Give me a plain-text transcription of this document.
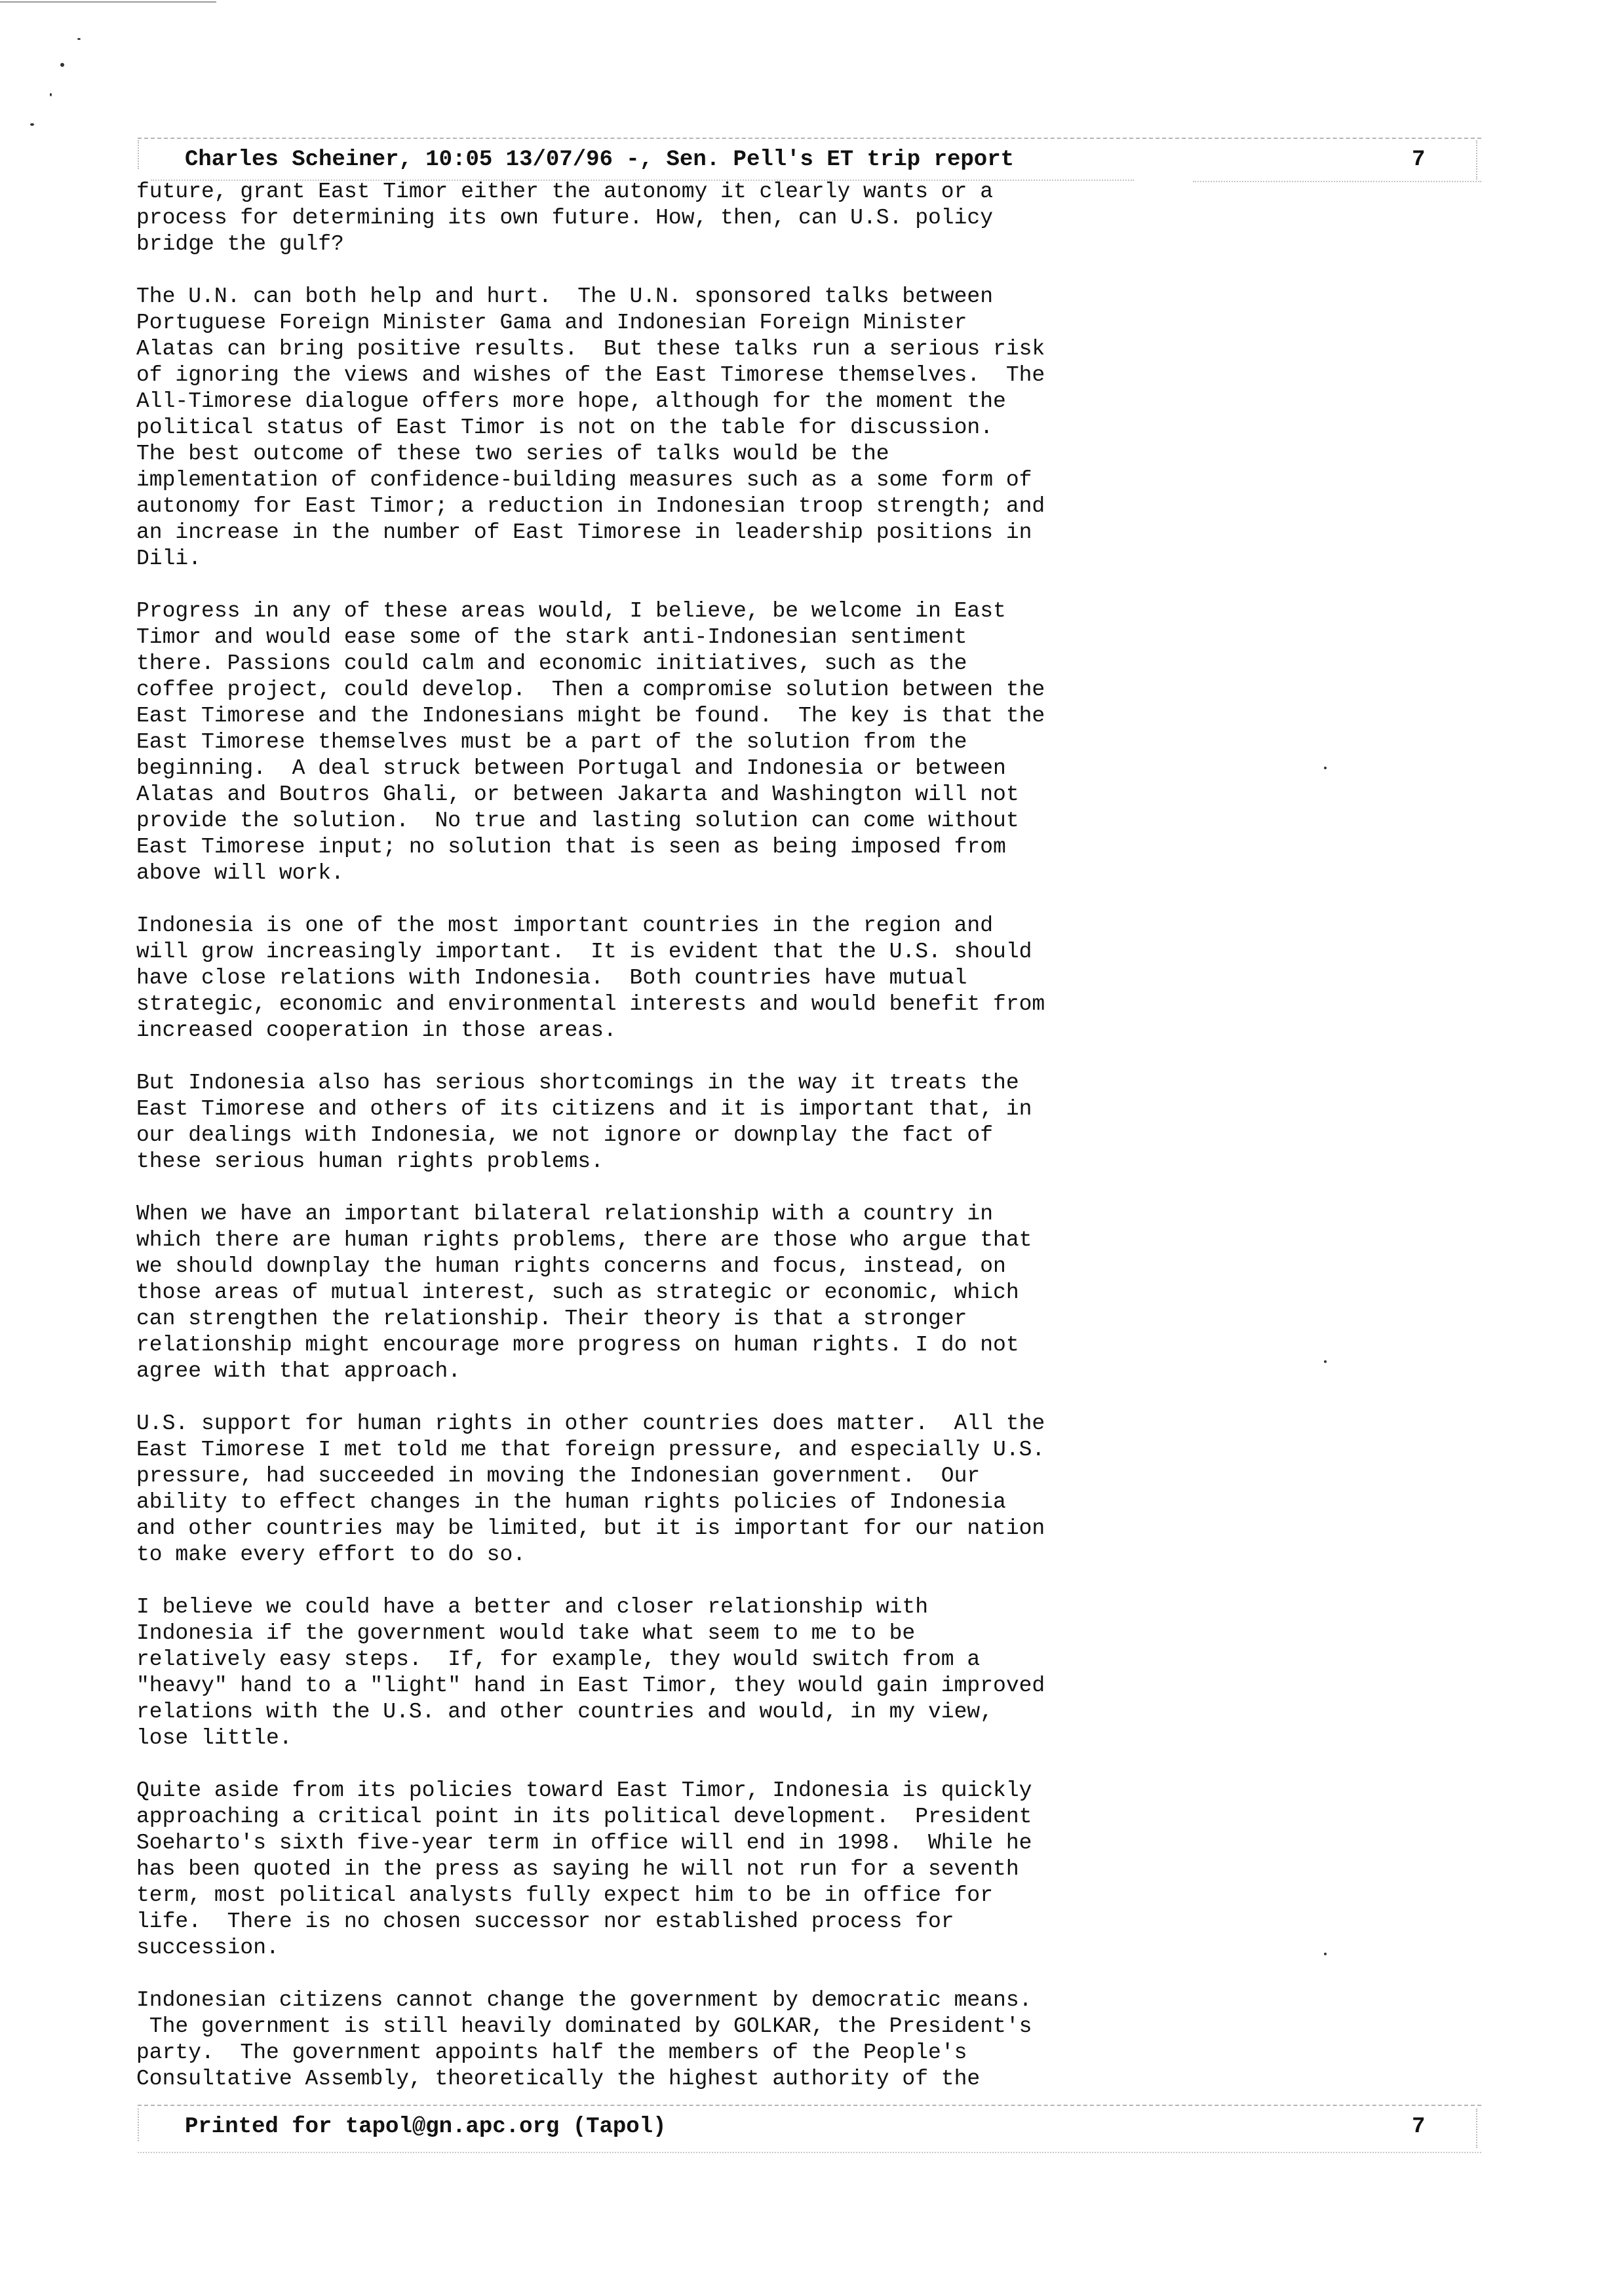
Charles Scheiner, 10:05 13/07/96 -, Sen. Pell's ET trip report	7
future, grant East Timor either the autonomy it clearly wants or a
process for determining its own future. How, then, can U.S. policy
bridge the gulf?
The U.N. can both help and hurt.  The U.N. sponsored talks between
Portuguese Foreign Minister Gama and Indonesian Foreign Minister
Alatas can bring positive results.  But these talks run a serious risk
of ignoring the views and wishes of the East Timorese themselves.  The
All-Timorese dialogue offers more hope, although for the moment the
political status of East Timor is not on the table for discussion.
The best outcome of these two series of talks would be the
implementation of confidence-building measures such as a some form of
autonomy for East Timor; a reduction in Indonesian troop strength; and
an increase in the number of East Timorese in leadership positions in
Dili.
Progress in any of these areas would, I believe, be welcome in East
Timor and would ease some of the stark anti-Indonesian sentiment
there. Passions could calm and economic initiatives, such as the
coffee project, could develop.  Then a compromise solution between the
East Timorese and the Indonesians might be found.  The key is that the
East Timorese themselves must be a part of the solution from the
beginning.  A deal struck between Portugal and Indonesia or between
Alatas and Boutros Ghali, or between Jakarta and Washington will not
provide the solution.  No true and lasting solution can come without
East Timorese input; no solution that is seen as being imposed from
above will work.
Indonesia is one of the most important countries in the region and
will grow increasingly important.  It is evident that the U.S. should
have close relations with Indonesia.  Both countries have mutual
strategic, economic and environmental interests and would benefit from
increased cooperation in those areas.
But Indonesia also has serious shortcomings in the way it treats the
East Timorese and others of its citizens and it is important that, in
our dealings with Indonesia, we not ignore or downplay the fact of
these serious human rights problems.
When we have an important bilateral relationship with a country in
which there are human rights problems, there are those who argue that
we should downplay the human rights concerns and focus, instead, on
those areas of mutual interest, such as strategic or economic, which
can strengthen the relationship. Their theory is that a stronger
relationship might encourage more progress on human rights. I do not
agree with that approach.
U.S. support for human rights in other countries does matter.  All the
East Timorese I met told me that foreign pressure, and especially U.S.
pressure, had succeeded in moving the Indonesian government.  Our
ability to effect changes in the human rights policies of Indonesia
and other countries may be limited, but it is important for our nation
to make every effort to do so.
I believe we could have a better and closer relationship with
Indonesia if the government would take what seem to me to be
relatively easy steps.  If, for example, they would switch from a
"heavy" hand to a "light" hand in East Timor, they would gain improved
relations with the U.S. and other countries and would, in my view,
lose little.
Quite aside from its policies toward East Timor, Indonesia is quickly
approaching a critical point in its political development.  President
Soeharto's sixth five-year term in office will end in 1998.  While he
has been quoted in the press as saying he will not run for a seventh
term, most political analysts fully expect him to be in office for
life.  There is no chosen successor nor established process for
succession.
Indonesian citizens cannot change the government by democratic means.
The government is still heavily dominated by GOLKAR, the President's
party.  The government appoints half the members of the People's
Consultative Assembly, theoretically the highest authority of the
Printed for tapol@gn.apc.org (Tapol)	7
